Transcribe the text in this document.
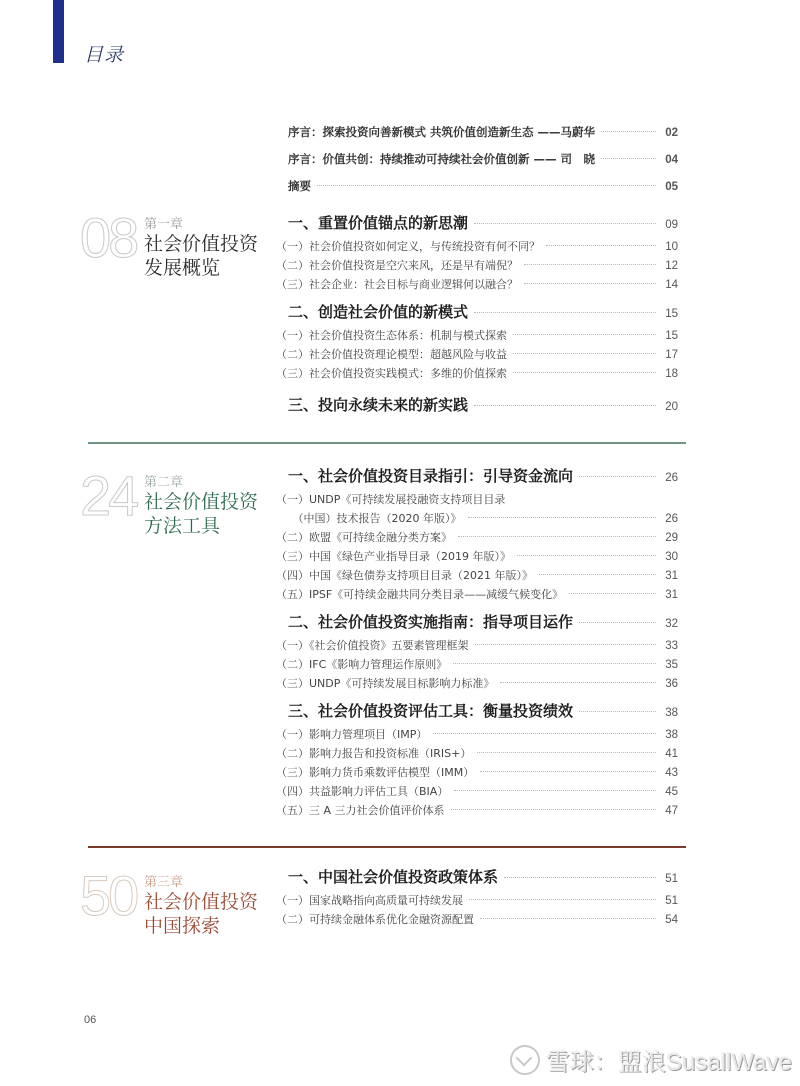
目录
序言：探索投资向善新模式 共筑价值创造新生态 ——马蔚华	02
序言：价值共创：持续推动可持续社会价值创新 —— 司　晓	04
摘要	05
08 第一章
社会价值投资
发展概览
一、重置价值锚点的新思潮	09
（一）社会价值投资如何定义，与传统投资有何不同？	10
（二）社会价值投资是空穴来风，还是早有端倪？	12
（三）社会企业：社会目标与商业逻辑何以融合？	14
二、创造社会价值的新模式	15
（一）社会价值投资生态体系：机制与模式探索	15
（二）社会价值投资理论模型：超越风险与收益	17
（三）社会价值投资实践模式：多维的价值探索	18
三、投向永续未来的新实践	20
24 第二章
社会价值投资
方法工具
一、社会价值投资目录指引：引导资金流向	26
（一）UNDP《可持续发展投融资支持项目目录
　　（中国）技术报告（2020 年版）》	26
（二）欧盟《可持续金融分类方案》	29
（三）中国《绿色产业指导目录（2019 年版）》	30
（四）中国《绿色债券支持项目目录（2021 年版）》	31
（五）IPSF《可持续金融共同分类目录——减缓气候变化》	31
二、社会价值投资实施指南：指导项目运作	32
（一）《社会价值投资》五要素管理框架	33
（二）IFC《影响力管理运作原则》	35
（三）UNDP《可持续发展目标影响力标准》	36
三、社会价值投资评估工具：衡量投资绩效	38
（一）影响力管理项目（IMP）	38
（二）影响力报告和投资标准（IRIS+）	41
（三）影响力货币乘数评估模型（IMM）	43
（四）共益影响力评估工具（BIA）	45
（五）三 A 三力社会价值评价体系	47
50 第三章
社会价值投资
中国探索
一、中国社会价值投资政策体系	51
（一）国家战略指向高质量可持续发展	51
（二）可持续金融体系优化金融资源配置	54
06
雪球：盟浪SusallWave
